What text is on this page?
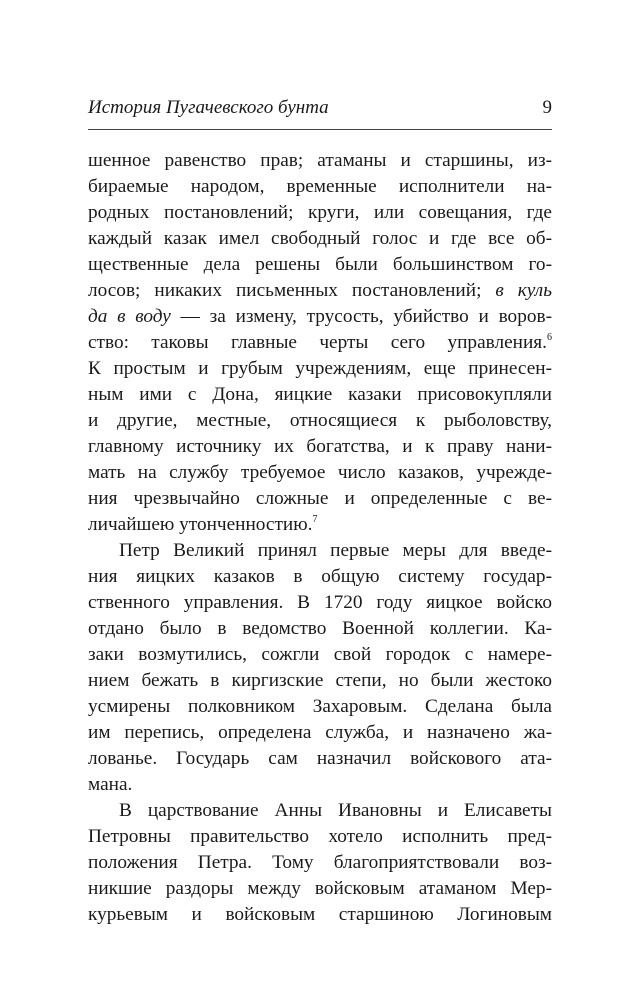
История Пугачевского бунта	9
шенное равенство прав; атаманы и старшины, из-
бираемые народом, временные исполнители на-
родных постановлений; круги, или совещания, где
каждый казак имел свободный голос и где все об-
щественные дела решены были большинством го-
лосов; никаких письменных постановлений; в куль
да в воду — за измену, трусость, убийство и воров-
ство: таковы главные черты сего управления.$^6$
К простым и грубым учреждениям, еще принесен-
ным ими с Дона, яицкие казаки присовокупляли
и другие, местные, относящиеся к рыболовству,
главному источнику их богатства, и к праву нани-
мать на службу требуемое число казаков, учрежде-
ния чрезвычайно сложные и определенные с ве-
личайшею утонченностию.$^7$
Петр Великий принял первые меры для введе-
ния яицких казаков в общую систему государ-
ственного управления. В 1720 году яицкое войско
отдано было в ведомство Военной коллегии. Ка-
заки возмутились, сожгли свой городок с намере-
нием бежать в киргизские степи, но были жестоко
усмирены полковником Захаровым. Сделана была
им перепись, определена служба, и назначено жа-
лованье. Государь сам назначил войскового ата-
мана.
В царствование Анны Ивановны и Елисаветы
Петровны правительство хотело исполнить пред-
положения Петра. Тому благоприятствовали воз-
никшие раздоры между войсковым атаманом Мер-
курьевым и войсковым старшиною Логиновым
